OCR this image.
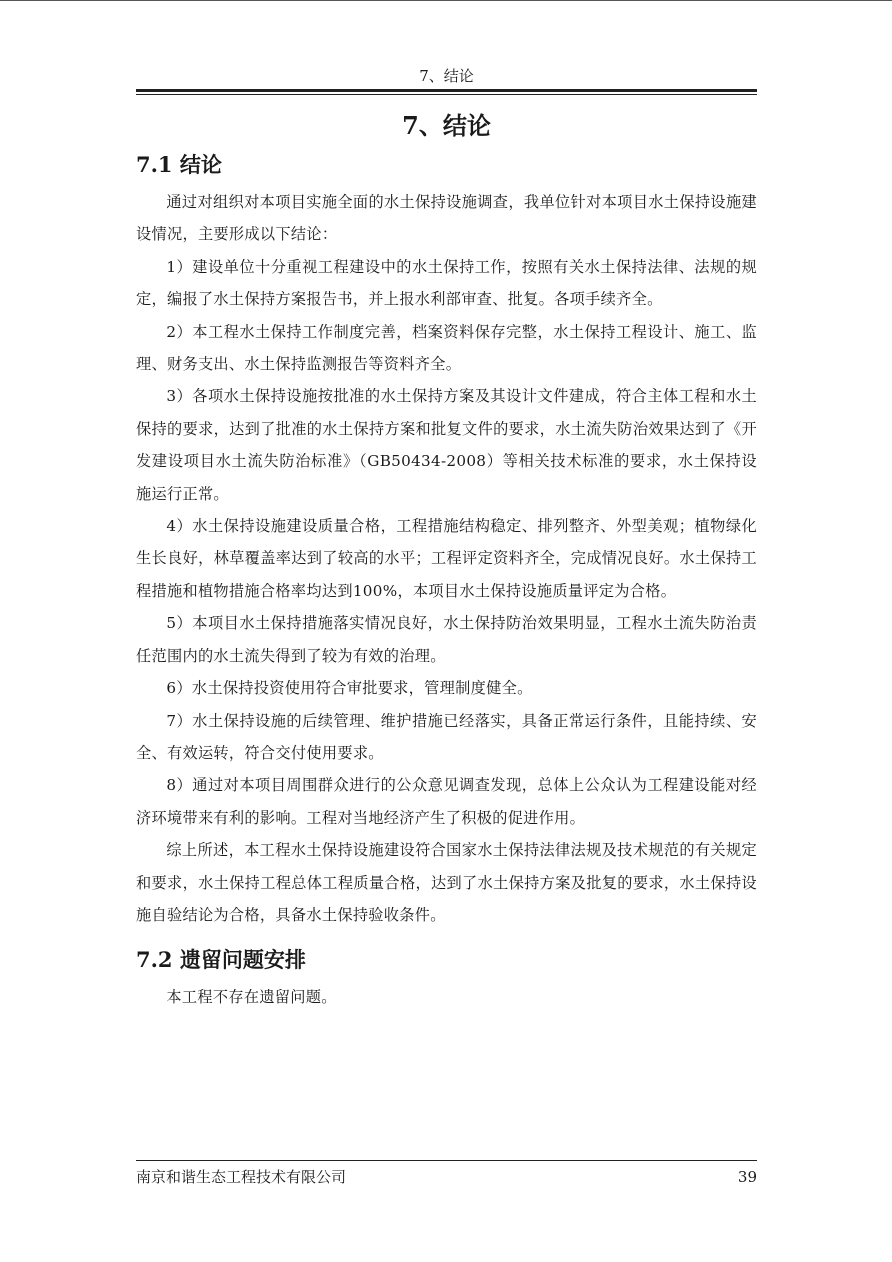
7、结论
7、结论
7.1 结论

通过对组织对本项目实施全面的水土保持设施调查，我单位针对本项目水土保持设施建设情况，主要形成以下结论：

1）建设单位十分重视工程建设中的水土保持工作，按照有关水土保持法律、法规的规定，编报了水土保持方案报告书，并上报水利部审查、批复。各项手续齐全。

2）本工程水土保持工作制度完善，档案资料保存完整，水土保持工程设计、施工、监理、财务支出、水土保持监测报告等资料齐全。

3）各项水土保持设施按批准的水土保持方案及其设计文件建成，符合主体工程和水土保持的要求，达到了批准的水土保持方案和批复文件的要求，水土流失防治效果达到了《开发建设项目水土流失防治标准》（GB50434-2008）等相关技术标准的要求，水土保持设施运行正常。

4）水土保持设施建设质量合格，工程措施结构稳定、排列整齐、外型美观；植物绿化生长良好，林草覆盖率达到了较高的水平；工程评定资料齐全，完成情况良好。水土保持工程措施和植物措施合格率均达到100%，本项目水土保持设施质量评定为合格。

5）本项目水土保持措施落实情况良好，水土保持防治效果明显，工程水土流失防治责任范围内的水土流失得到了较为有效的治理。

6）水土保持投资使用符合审批要求，管理制度健全。

7）水土保持设施的后续管理、维护措施已经落实，具备正常运行条件，且能持续、安全、有效运转，符合交付使用要求。

8）通过对本项目周围群众进行的公众意见调查发现，总体上公众认为工程建设能对经济环境带来有利的影响。工程对当地经济产生了积极的促进作用。

综上所述，本工程水土保持设施建设符合国家水土保持法律法规及技术规范的有关规定和要求，水土保持工程总体工程质量合格，达到了水土保持方案及批复的要求，水土保持设施自验结论为合格，具备水土保持验收条件。

7.2 遗留问题安排

本工程不存在遗留问题。

南京和谐生态工程技术有限公司	39
